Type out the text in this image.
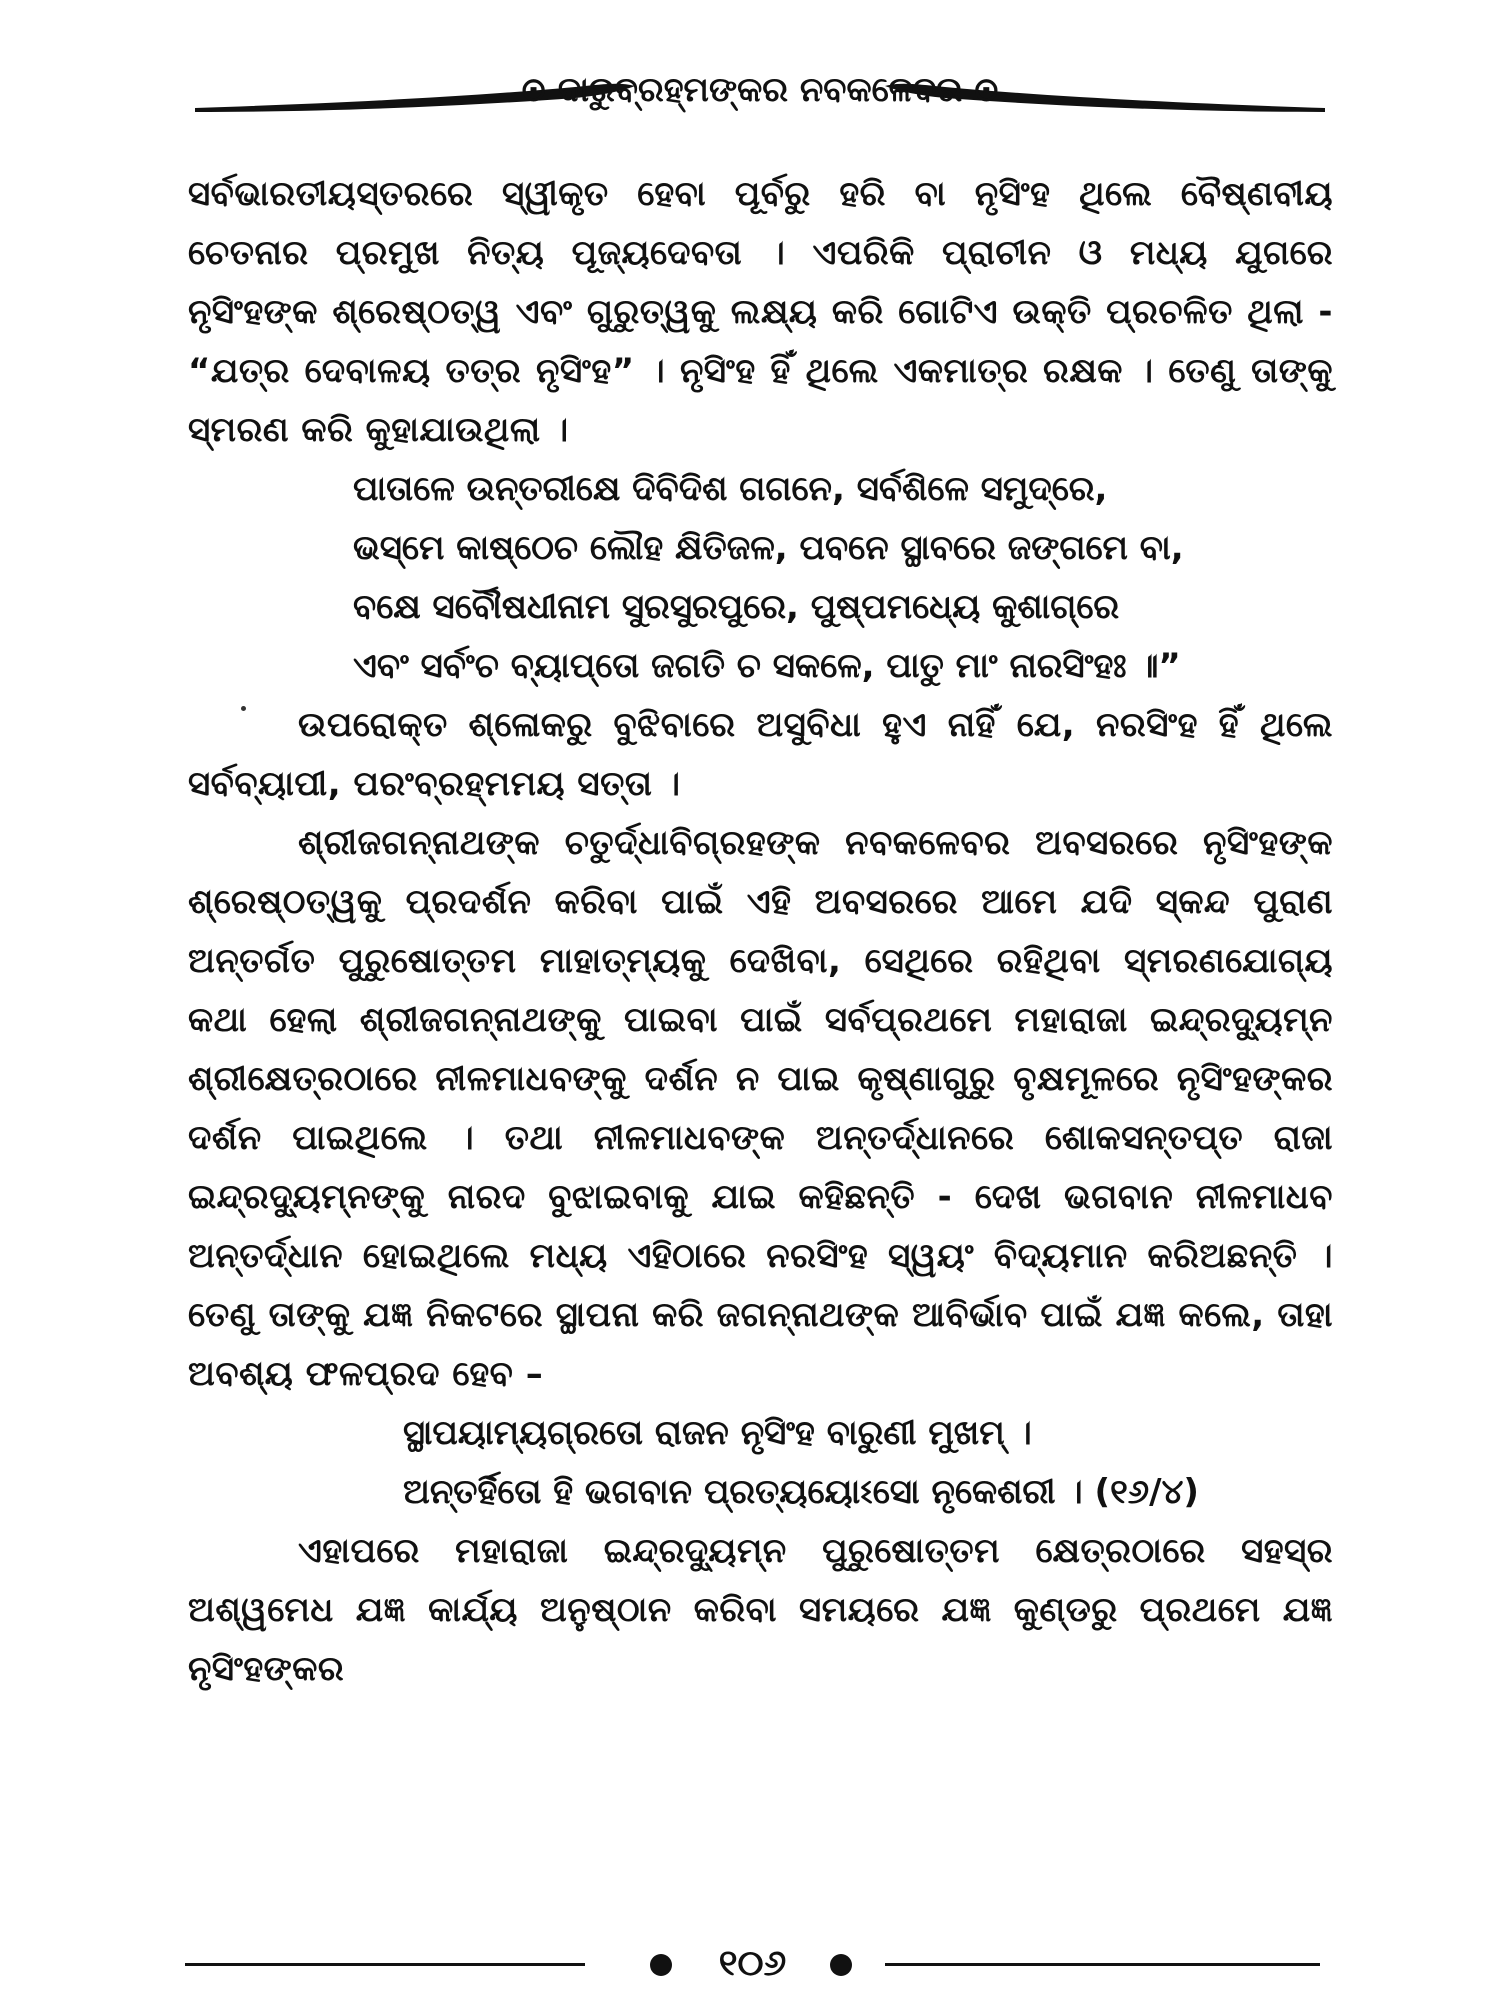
⊙ ଦାରୁବ୍ରହ୍ମଙ୍କର ନବକଳେବର ⊙

ସର୍ବଭାରତୀୟସ୍ତରରେ ସ୍ୱୀକୃତ ହେବା ପୂର୍ବରୁ ହରି ବା ନୃସିଂହ ଥିଲେ ବୈଷ୍ଣବୀୟ ଚେତନାର ପ୍ରମୁଖ ନିତ୍ୟ ପୂଜ୍ୟଦେବତା । ଏପରିକି ପ୍ରାଚୀନ ଓ ମଧ୍ୟ ଯୁଗରେ ନୃସିଂହଙ୍କ ଶ୍ରେଷ୍ଠତ୍ୱ ଏବଂ ଗୁରୁତ୍ୱକୁ ଲକ୍ଷ୍ୟ କରି ଗୋଟିଏ ଉକ୍ତି ପ୍ରଚଳିତ ଥିଲା - “ଯତ୍ର ଦେବାଳୟ ତତ୍ର ନୃସିଂହ” । ନୃସିଂହ ହିଁ ଥିଲେ ଏକମାତ୍ର ରକ୍ଷକ । ତେଣୁ ତାଙ୍କୁ ସ୍ମରଣ କରି କୁହାଯାଉଥିଲା ।

ପାତାଳେ ଉନ୍ତରୀକ୍ଷେ ଦିବିଦିଶ ଗଗନେ, ସର୍ବଶିଳେ ସମୁଦ୍ରେ,

ଭସ୍ମେ କାଷ୍ଠେଚ ଲୌହ କ୍ଷିତିଜଳ, ପବନେ ସ୍ଥାବରେ ଜଙ୍ଗମେ ବା,

ବକ୍ଷେ ସର୍ବୌଷଧୀନାମ ସୁରସୁରପୁରେ, ପୁଷ୍ପମଧ୍ୟେ କୁଶାଗ୍ରେ

ଏବଂ ସର୍ବଂଚ ବ୍ୟାପ୍ତୋ ଜଗତି ଚ ସକଳେ, ପାତୁ ମାଂ ନାରସିଂହଃ ॥”

ଉପରୋକ୍ତ ଶ୍ଳୋକରୁ ବୁଝିବାରେ ଅସୁବିଧା ହୁଏ ନାହିଁ ଯେ, ନରସିଂହ ହିଁ ଥିଲେ ସର୍ବବ୍ୟାପୀ, ପରଂବ୍ରହ୍ମମୟ ସତ୍ତା ।

ଶ୍ରୀଜଗନ୍ନାଥଙ୍କ ଚତୁର୍ଦ୍ଧାବିଗ୍ରହଙ୍କ ନବକଳେବର ଅବସରରେ ନୃସିଂହଙ୍କ ଶ୍ରେଷ୍ଠତ୍ୱକୁ ପ୍ରଦର୍ଶନ କରିବା ପାଇଁ ଏହି ଅବସରରେ ଆମେ ଯଦି ସ୍କନ୍ଦ ପୁରାଣ ଅନ୍ତର୍ଗତ ପୁରୁଷୋତ୍ତମ ମାହାତ୍ମ୍ୟକୁ ଦେଖିବା, ସେଥିରେ ରହିଥିବା ସ୍ମରଣଯୋଗ୍ୟ କଥା ହେଲା ଶ୍ରୀଜଗନ୍ନାଥଙ୍କୁ ପାଇବା ପାଇଁ ସର୍ବପ୍ରଥମେ ମହାରାଜା ଇନ୍ଦ୍ରଦ୍ୟୁମ୍ନ ଶ୍ରୀକ୍ଷେତ୍ରଠାରେ ନୀଳମାଧବଙ୍କୁ ଦର୍ଶନ ନ ପାଇ କୃଷ୍ଣାଗୁରୁ ବୃକ୍ଷମୂଳରେ ନୃସିଂହଙ୍କର ଦର୍ଶନ ପାଇଥିଲେ । ତଥା ନୀଳମାଧବଙ୍କ ଅନ୍ତର୍ଦ୍ଧାନରେ ଶୋକସନ୍ତପ୍ତ ରାଜା ଇନ୍ଦ୍ରଦ୍ୟୁମ୍ନଙ୍କୁ ନାରଦ ବୁଝାଇବାକୁ ଯାଇ କହିଛନ୍ତି - ଦେଖ ଭଗବାନ ନୀଳମାଧବ ଅନ୍ତର୍ଦ୍ଧାନ ହୋଇଥିଲେ ମଧ୍ୟ ଏହିଠାରେ ନରସିଂହ ସ୍ୱୟଂ ବିଦ୍ୟମାନ କରିଅଛନ୍ତି । ତେଣୁ ତାଙ୍କୁ ଯଜ୍ଞ ନିକଟରେ ସ୍ଥାପନା କରି ଜଗନ୍ନାଥଙ୍କ ଆବିର୍ଭାବ ପାଇଁ ଯଜ୍ଞ କଲେ, ତାହା ଅବଶ୍ୟ ଫଳପ୍ରଦ ହେବ –

ସ୍ଥାପୟାମ୍ୟଗ୍ରତୋ ରାଜନ ନୃସିଂହ ବାରୁଣୀ ମୁଖମ୍ ।

ଅନ୍ତର୍ହିତୋ ହି ଭଗବାନ ପ୍ରତ୍ୟୟୋଽସୋ ନୃକେଶରୀ । (୧୬/୪)

ଏହାପରେ ମହାରାଜା ଇନ୍ଦ୍ରଦ୍ୟୁମ୍ନ ପୁରୁଷୋତ୍ତମ କ୍ଷେତ୍ରଠାରେ ସହସ୍ର ଅଶ୍ୱମେଧ ଯଜ୍ଞ କାର୍ଯ୍ୟ ଅନୁଷ୍ଠାନ କରିବା ସମୟରେ ଯଜ୍ଞ କୁଣ୍ଡରୁ ପ୍ରଥମେ ଯଜ୍ଞ ନୃସିଂହଙ୍କର

୧୦୬
